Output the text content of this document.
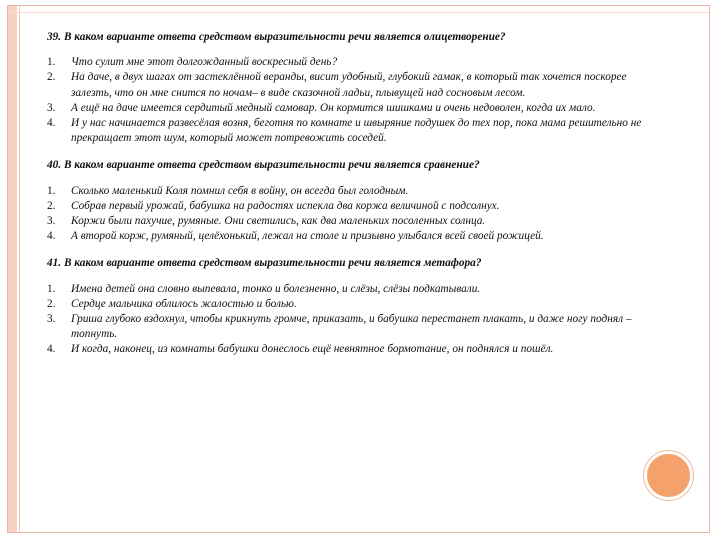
39. В каком варианте ответа средством выразительности речи является олицетворение?

1. Что сулит мне этот долгожданный воскресный день?
2. На даче, в двух шагах от застеклённой веранды, висит удобный, глубокий гамак, в который так хочется поскорее залезть, что он мне снится по ночам– в виде сказочной ладьи, плывущей над сосновым лесом.
3. А ещё на даче имеется сердитый медный самовар. Он кормится шишками и очень недоволен, когда их мало.
4. И у нас начинается развесёлая возня, беготня по комнате и швыряние подушек до тех пор, пока мама решительно не прекращает этот шум, который может потревожить соседей.

40. В каком варианте ответа средством выразительности речи является сравнение?

1. Сколько маленький Коля помнил себя в войну, он всегда был голодным.
2. Собрав первый урожай, бабушка на радостях испекла два коржа величиной с подсолнух.
3. Коржи были пахучие, румяные. Они светились, как два маленьких посоленных солнца.
4. А второй корж, румяный, целёхонький, лежал на столе и призывно улыбался всей своей рожицей.

41. В каком варианте ответа средством выразительности речи является метафора?

1. Имена детей она словно выпевала, тонко и болезненно, и слёзы, слёзы подкатывали.
2. Сердце мальчика облилось жалостью и болью.
3. Гриша глубоко вздохнул, чтобы крикнуть громче, приказать, и бабушка перестанет плакать, и даже ногу поднял – топнуть.
4. И когда, наконец, из комнаты бабушки донеслось ещё невнятное бормотание, он поднялся и пошёл.
